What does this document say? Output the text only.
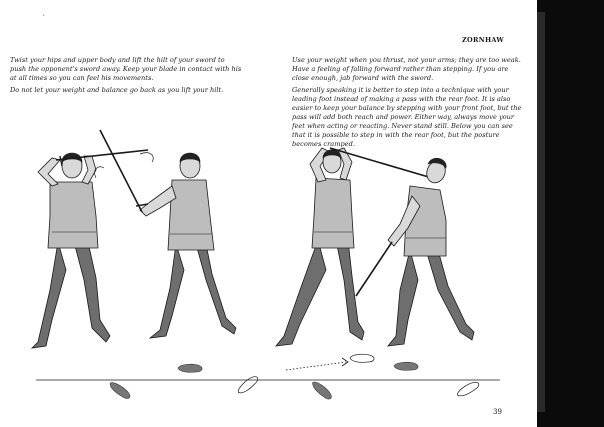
`
ZORNHAW

Twist your hips and upper body and lift the hilt of your sword to push the opponent's sword away. Keep your blade in contact with his at all times so you can feel his movements.

Do not let your weight and balance go back as you lift your hilt.

Use your weight when you thrust, not your arms; they are too weak. Have a feeling of falling forward rather than stepping. If you are close enough, jab forward with the sword.

Generally speaking it is better to step into a technique with your leading foot instead of making a pass with the rear foot. It is also easier to keep your balance by stepping with your front foot, but the pass will add both reach and power. Either way, always move your feet when acting or reacting. Never stand still. Below you can see that it is possible to step in with the rear foot, but the posture becomes cramped.

39
